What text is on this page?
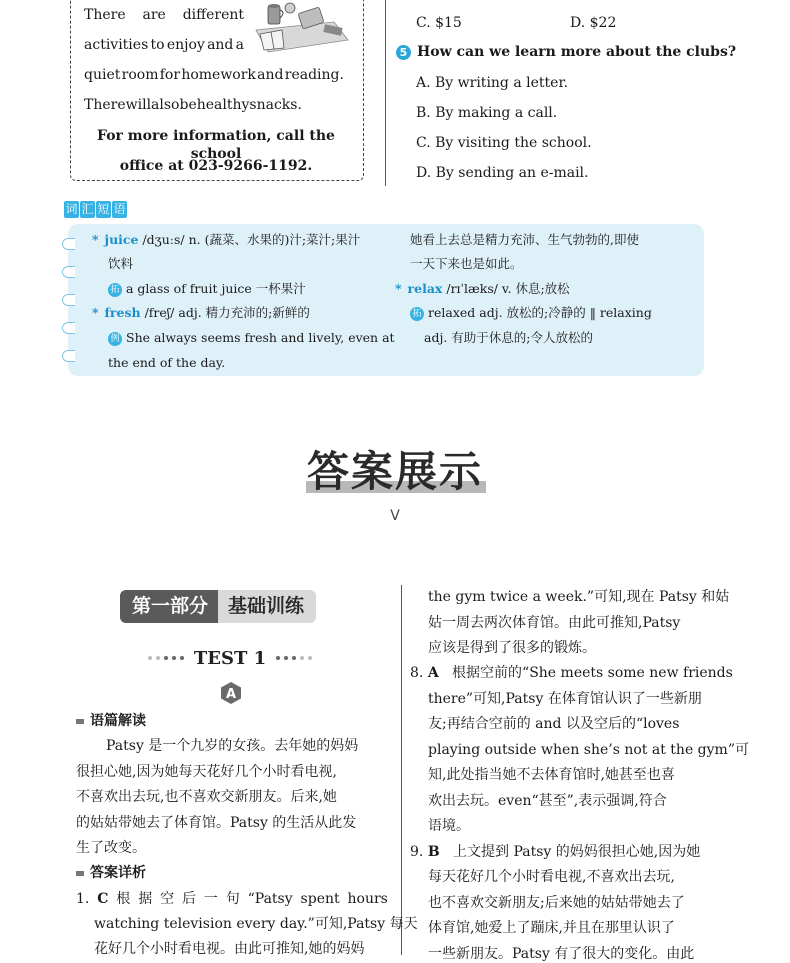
There are different
activities to enjoy and a
quiet room for homework and reading.
There will also be healthy snacks.
For more information, call the school
office at 023-9266-1192.
C. $15	D. $22
5 How can we learn more about the clubs?
A. By writing a letter.
B. By making a call.
C. By visiting the school.
D. By sending an e-mail.
词 汇 短 语
* juice /dʒuːs/ n. (蔬菜、水果的)汁;菜汁;果汁
饮料
拓 a glass of fruit juice 一杯果汁
* fresh /freʃ/ adj. 精力充沛的;新鲜的
例 She always seems fresh and lively, even at
the end of the day.
她看上去总是精力充沛、生气勃勃的,即使
一天下来也是如此。
* relax /rɪˈlæks/ v. 休息;放松
拓 relaxed adj. 放松的;冷静的 ‖ relaxing
adj. 有助于休息的;令人放松的
答案展示
V
第一部分	基础训练
TEST 1
A
语篇解读
Patsy 是一个九岁的女孩。去年她的妈妈
很担心她,因为她每天花好几个小时看电视,
不喜欢出去玩,也不喜欢交新朋友。后来,她
的姑姑带她去了体育馆。Patsy 的生活从此发
生了改变。
答案详析
1. C 根 据 空 后 一 句 “Patsy spent hours
watching television every day.”可知,Patsy 每天
花好几个小时看电视。由此可推知,她的妈妈
the gym twice a week.”可知,现在 Patsy 和姑
姑一周去两次体育馆。由此可推知,Patsy
应该是得到了很多的锻炼。
8. A 根据空前的“She meets some new friends
there”可知,Patsy 在体育馆认识了一些新朋
友;再结合空前的 and 以及空后的“loves
playing outside when she’s not at the gym”可
知,此处指当她不去体育馆时,她甚至也喜
欢出去玩。even“甚至”,表示强调,符合
语境。
9. B 上文提到 Patsy 的妈妈很担心她,因为她
每天花好几个小时看电视,不喜欢出去玩,
也不喜欢交新朋友;后来她的姑姑带她去了
体育馆,她爱上了蹦床,并且在那里认识了
一些新朋友。Patsy 有了很大的变化。由此
